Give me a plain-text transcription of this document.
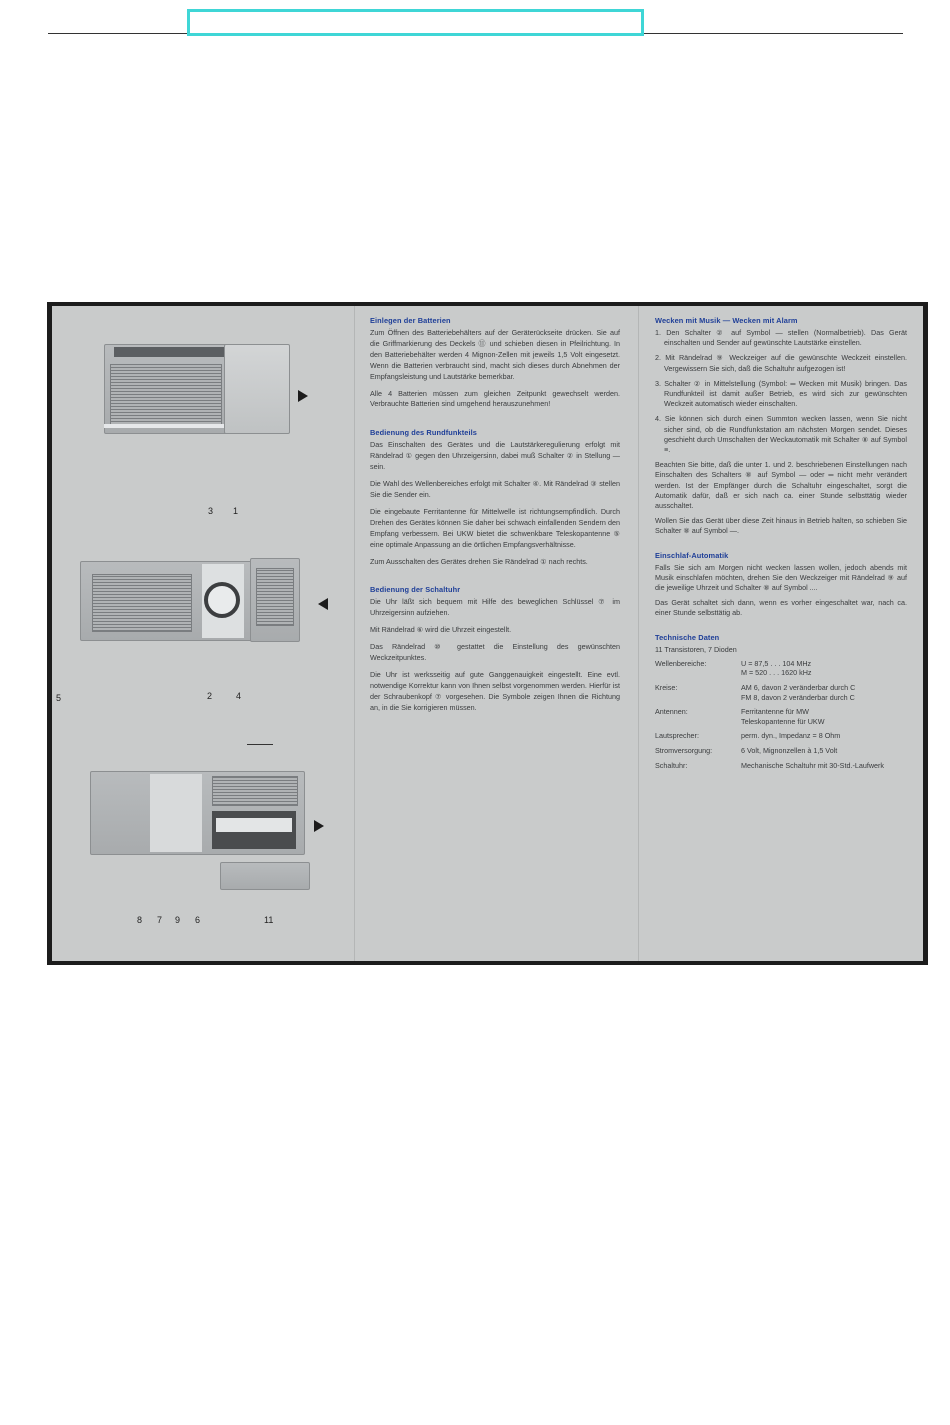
3 1
5	2	4
8 7 9 6	11
Einlegen der Batterien
Zum Öffnen des Batteriebehälters auf der Geräterückseite drücken. Sie auf die Griffmarkierung des Deckels ⑪ und schieben diesen in Pfeilrichtung. In den Batteriebehälter werden 4 Mignon-Zellen mit jeweils 1,5 Volt eingesetzt. Wenn die Batterien verbraucht sind, macht sich dieses durch Abnehmen der Empfangsleistung und Lautstärke bemerkbar.
Alle 4 Batterien müssen zum gleichen Zeitpunkt gewechselt werden. Verbrauchte Batterien sind umgehend herauszunehmen!
Bedienung des Rundfunkteils
Das Einschalten des Gerätes und die Lautstärkeregulierung erfolgt mit Rändelrad ① gegen den Uhrzeigersinn, dabei muß Schalter ② in Stellung — sein.
Die Wahl des Wellenbereiches erfolgt mit Schalter ④. Mit Rändelrad ③ stellen Sie die Sender ein.
Die eingebaute Ferritantenne für Mittelwelle ist richtungsempfindlich. Durch Drehen des Gerätes können Sie daher bei schwach einfallenden Sendern den Empfang verbessern. Bei UKW bietet die schwenkbare Teleskopantenne ⑤ eine optimale Anpassung an die örtlichen Empfangsverhältnisse.
Zum Ausschalten des Gerätes drehen Sie Rändelrad ① nach rechts.
Bedienung der Schaltuhr
Die Uhr läßt sich bequem mit Hilfe des beweglichen Schlüssel ⑦ im Uhrzeigersinn aufziehen.
Mit Rändelrad ⑥ wird die Uhrzeit eingestellt.
Das Rändelrad ⑩ gestattet die Einstellung des gewünschten Weckzeitpunktes.
Die Uhr ist werksseitig auf gute Ganggenauigkeit eingestellt. Eine evtl. notwendige Korrektur kann von Ihnen selbst vorgenommen werden. Hierfür ist der Schraubenkopf ⑦ vorgesehen. Die Symbole zeigen Ihnen die Richtung an, in die Sie korrigieren müssen.
Wecken mit Musik — Wecken mit Alarm
1. Den Schalter ② auf Symbol — stellen (Normalbetrieb). Das Gerät einschalten und Sender auf gewünschte Lautstärke einstellen.
2. Mit Rändelrad ⑨ Weckzeiger auf die gewünschte Weckzeit einstellen. Vergewissern Sie sich, daß die Schaltuhr aufgezogen ist!
3. Schalter ② in Mittelstellung (Symbol: ═ Wecken mit Musik) bringen. Das Rundfunkteil ist damit außer Betrieb, es wird sich zur gewünschten Weckzeit automatisch wieder einschalten.
4. Sie können sich durch einen Summton wecken lassen, wenn Sie nicht sicher sind, ob die Rundfunkstation am nächsten Morgen sendet. Dieses geschieht durch Umschalten der Weckautomatik mit Schalter ⑧ auf Symbol ≡.
Beachten Sie bitte, daß die unter 1. und 2. beschriebenen Einstellungen nach Einschalten des Schalters ⑧ auf Symbol — oder ═ nicht mehr verändert werden. Ist der Empfänger durch die Schaltuhr eingeschaltet, sorgt die Automatik dafür, daß er sich nach ca. einer Stunde selbsttätig wieder ausschaltet.
Wollen Sie das Gerät über diese Zeit hinaus in Betrieb halten, so schieben Sie Schalter ⑧ auf Symbol —.
Einschlaf-Automatik
Falls Sie sich am Morgen nicht wecken lassen wollen, jedoch abends mit Musik einschlafen möchten, drehen Sie den Weckzeiger mit Rändelrad ⑨ auf die jeweilige Uhrzeit und Schalter ⑧ auf Symbol ....
Das Gerät schaltet sich dann, wenn es vorher eingeschaltet war, nach ca. einer Stunde selbsttätig ab.
Technische Daten
11 Transistoren, 7 Dioden
Wellenbereiche:	U = 87,5 . . . 104 MHz
M = 520 . . . 1620 kHz
Kreise:	AM 6, davon 2 veränderbar durch C
FM 8, davon 2 veränderbar durch C
Antennen:	Ferritantenne für MW
Teleskopantenne für UKW
Lautsprecher:	perm. dyn., Impedanz = 8 Ohm
Stromversorgung:	6 Volt, Mignonzellen à 1,5 Volt
Schaltuhr:	Mechanische Schaltuhr mit 30-Std.-Laufwerk
